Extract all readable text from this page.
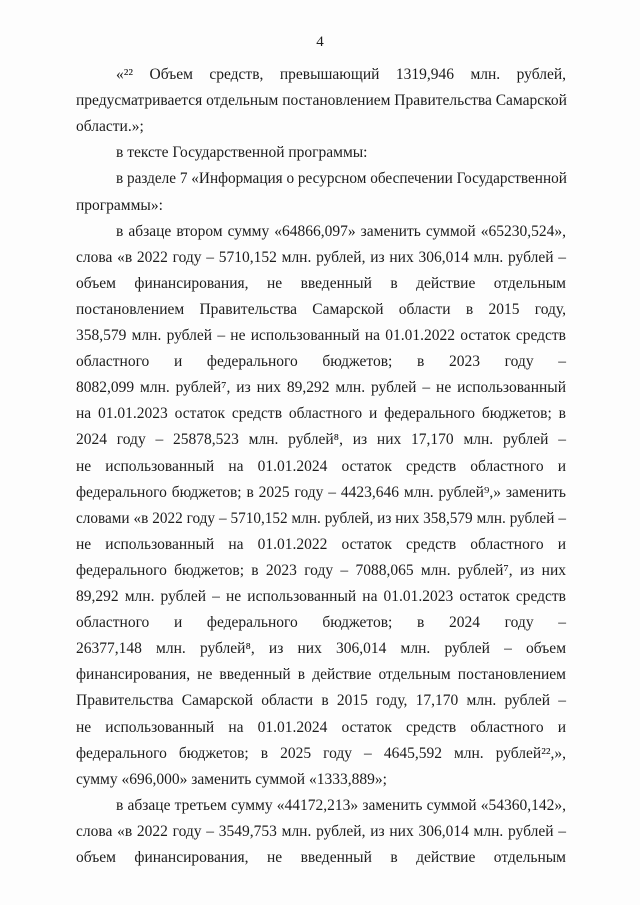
4
«²² Объем средств, превышающий 1319,946 млн. рублей,
предусматривается отдельным постановлением Правительства Самарской
области.»;
в тексте Государственной программы:
в разделе 7 «Информация о ресурсном обеспечении Государственной
программы»:
в абзаце втором сумму «64866,097» заменить суммой «65230,524»,
слова «в 2022 году – 5710,152 млн. рублей, из них 306,014 млн. рублей –
объем финансирования, не введенный в действие отдельным
постановлением Правительства Самарской области в 2015 году,
358,579 млн. рублей – не использованный на 01.01.2022 остаток средств
областного и федерального бюджетов; в 2023 году –
8082,099 млн. рублей⁷, из них 89,292 млн. рублей – не использованный
на 01.01.2023 остаток средств областного и федерального бюджетов; в
2024 году – 25878,523 млн. рублей⁸, из них 17,170 млн. рублей –
не использованный на 01.01.2024 остаток средств областного и
федерального бюджетов; в 2025 году – 4423,646 млн. рублей⁹,» заменить
словами «в 2022 году – 5710,152 млн. рублей, из них 358,579 млн. рублей –
не использованный на 01.01.2022 остаток средств областного и
федерального бюджетов; в 2023 году – 7088,065 млн. рублей⁷, из них
89,292 млн. рублей – не использованный на 01.01.2023 остаток средств
областного и федерального бюджетов; в 2024 году –
26377,148 млн. рублей⁸, из них 306,014 млн. рублей – объем
финансирования, не введенный в действие отдельным постановлением
Правительства Самарской области в 2015 году, 17,170 млн. рублей –
не использованный на 01.01.2024 остаток средств областного и
федерального бюджетов; в 2025 году – 4645,592 млн. рублей²²,»,
сумму «696,000» заменить суммой «1333,889»;
в абзаце третьем сумму «44172,213» заменить суммой «54360,142»,
слова «в 2022 году – 3549,753 млн. рублей, из них 306,014 млн. рублей –
объем финансирования, не введенный в действие отдельным
